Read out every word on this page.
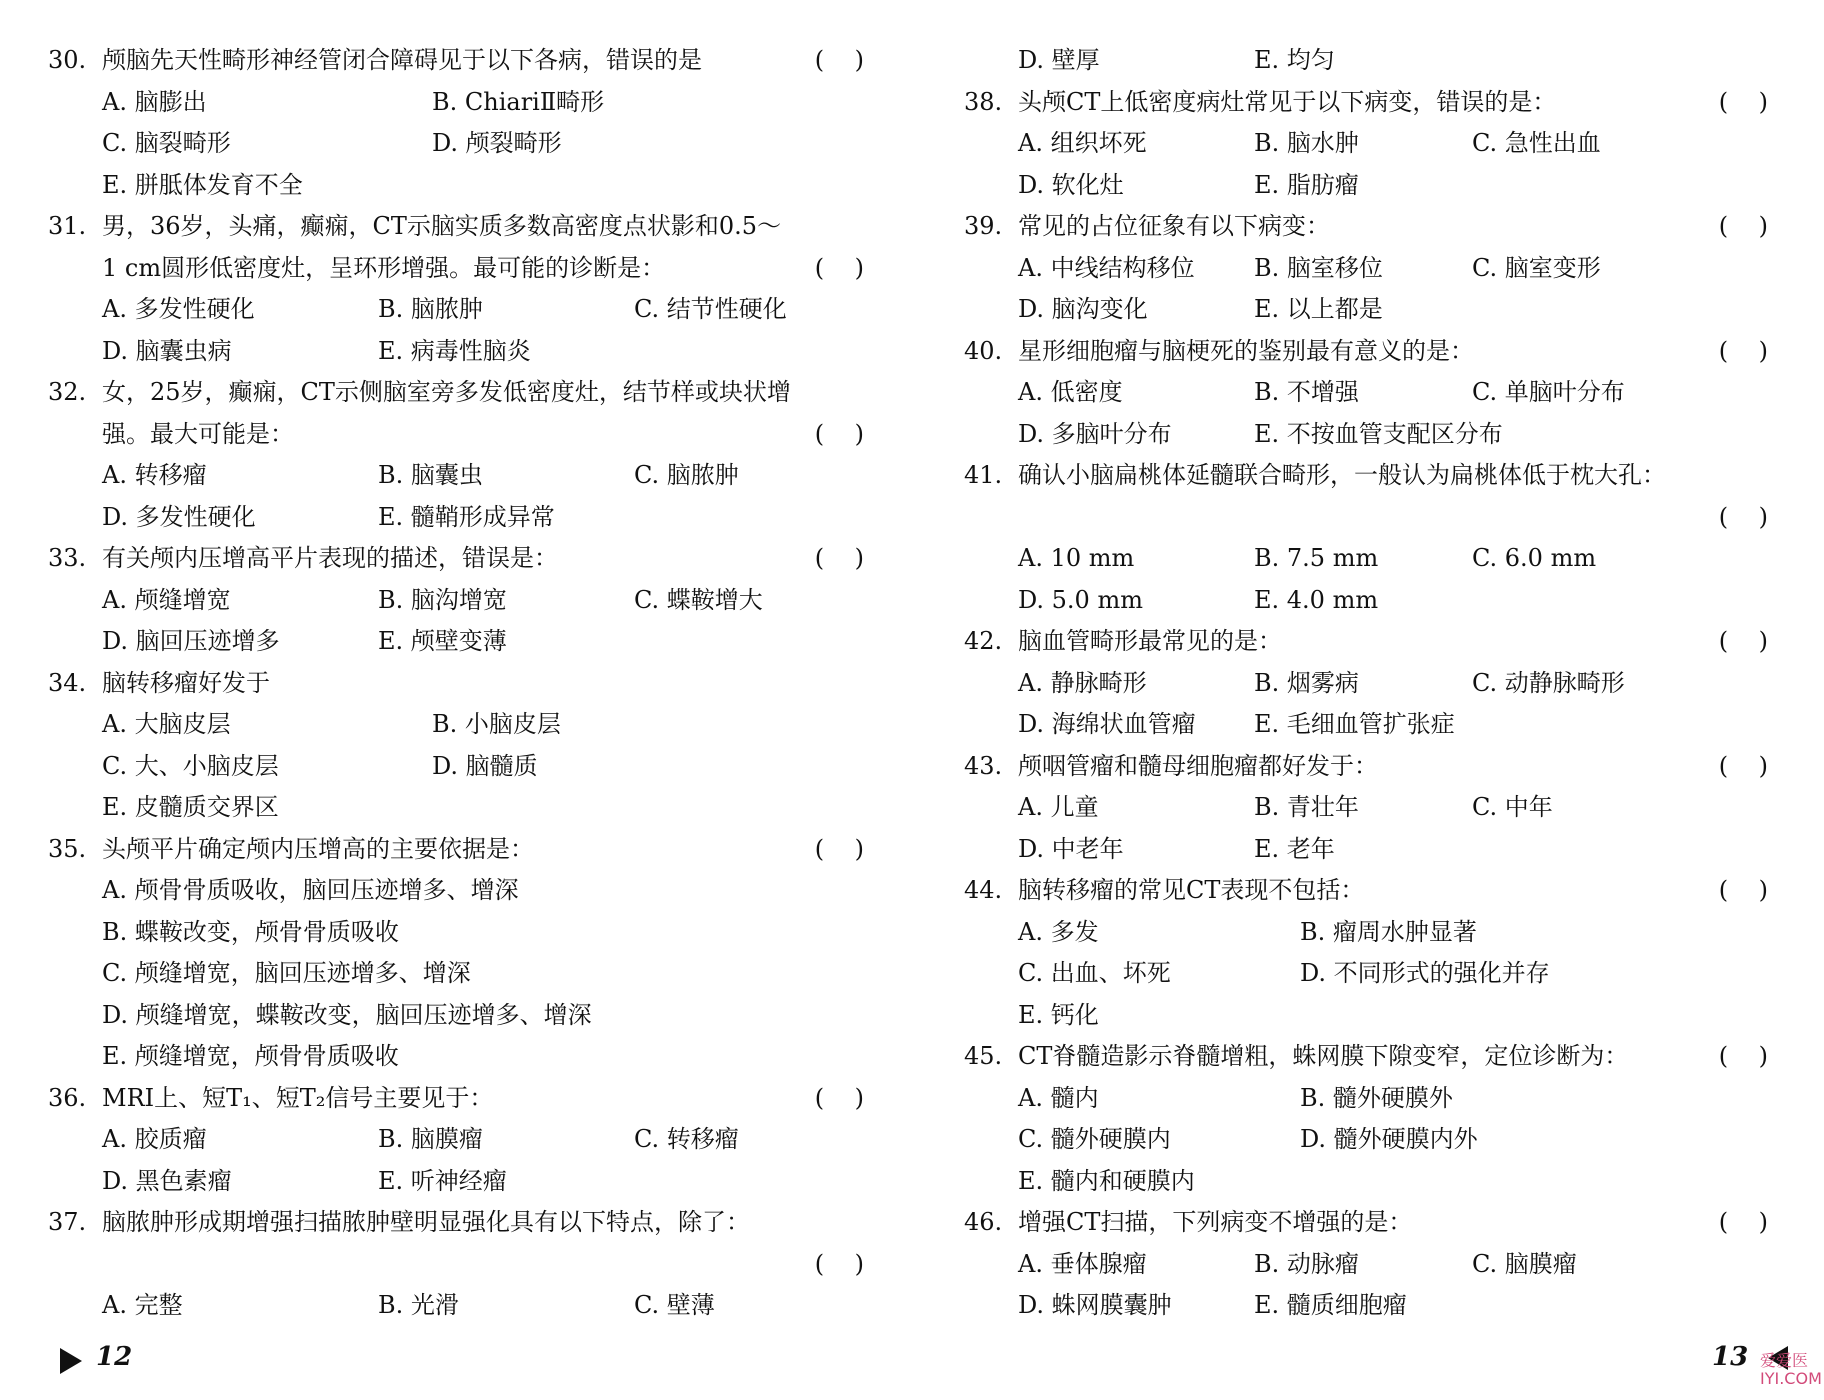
30. 颅脑先天性畸形神经管闭合障碍见于以下各病，错误的是	(    )
A. 脑膨出	B. ChiariⅡ畸形
C. 脑裂畸形	D. 颅裂畸形
E. 胼胝体发育不全
31. 男，36岁，头痛，癫痫，CT示脑实质多数高密度点状影和0.5～
1 cm圆形低密度灶，呈环形增强。最可能的诊断是：	(    )
A. 多发性硬化	B. 脑脓肿	C. 结节性硬化
D. 脑囊虫病	E. 病毒性脑炎
32. 女，25岁，癫痫，CT示侧脑室旁多发低密度灶，结节样或块状增
强。最大可能是：	(    )
A. 转移瘤	B. 脑囊虫	C. 脑脓肿
D. 多发性硬化	E. 髓鞘形成异常
33. 有关颅内压增高平片表现的描述，错误是：	(    )
A. 颅缝增宽	B. 脑沟增宽	C. 蝶鞍增大
D. 脑回压迹增多	E. 颅壁变薄
34. 脑转移瘤好发于
A. 大脑皮层	B. 小脑皮层
C. 大、小脑皮层	D. 脑髓质
E. 皮髓质交界区
35. 头颅平片确定颅内压增高的主要依据是：	(    )
A. 颅骨骨质吸收，脑回压迹增多、增深
B. 蝶鞍改变，颅骨骨质吸收
C. 颅缝增宽，脑回压迹增多、增深
D. 颅缝增宽，蝶鞍改变，脑回压迹增多、增深
E. 颅缝增宽，颅骨骨质吸收
36. MRI上、短T₁、短T₂信号主要见于：	(    )
A. 胶质瘤	B. 脑膜瘤	C. 转移瘤
D. 黑色素瘤	E. 听神经瘤
37. 脑脓肿形成期增强扫描脓肿壁明显强化具有以下特点，除了：
(    )
A. 完整	B. 光滑	C. 壁薄
12
D. 壁厚	E. 均匀
38. 头颅CT上低密度病灶常见于以下病变，错误的是：	(    )
A. 组织坏死	B. 脑水肿	C. 急性出血
D. 软化灶	E. 脂肪瘤
39. 常见的占位征象有以下病变：	(    )
A. 中线结构移位 B. 脑室移位	C. 脑室变形
D. 脑沟变化	E. 以上都是
40. 星形细胞瘤与脑梗死的鉴别最有意义的是：	(    )
A. 低密度	B. 不增强	C. 单脑叶分布
D. 多脑叶分布	E. 不按血管支配区分布
41. 确认小脑扁桃体延髓联合畸形，一般认为扁桃体低于枕大孔：
(    )
A. 10 mm	B. 7.5 mm	C. 6.0 mm
D. 5.0 mm	E. 4.0 mm
42. 脑血管畸形最常见的是：	(    )
A. 静脉畸形	B. 烟雾病	C. 动静脉畸形
D. 海绵状血管瘤 E. 毛细血管扩张症
43. 颅咽管瘤和髓母细胞瘤都好发于：	(    )
A. 儿童	B. 青壮年	C. 中年
D. 中老年	E. 老年
44. 脑转移瘤的常见CT表现不包括：	(    )
A. 多发	B. 瘤周水肿显著
C. 出血、坏死	D. 不同形式的强化并存
E. 钙化
45. CT脊髓造影示脊髓增粗，蛛网膜下隙变窄，定位诊断为：	(    )
A. 髓内	B. 髓外硬膜外
C. 髓外硬膜内	D. 髓外硬膜内外
E. 髓内和硬膜内
46. 增强CT扫描，下列病变不增强的是：	(    )
A. 垂体腺瘤	B. 动脉瘤	C. 脑膜瘤
D. 蛛网膜囊肿	E. 髓质细胞瘤
13 爱爱医
IYI.COM
